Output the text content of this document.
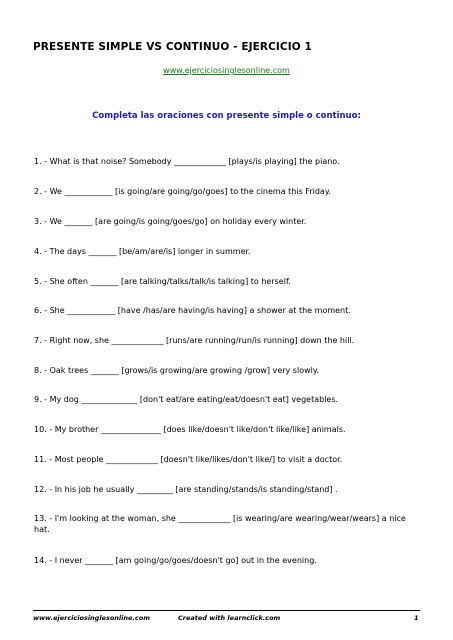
PRESENTE SIMPLE VS CONTINUO - EJERCICIO 1
www.ejerciciosinglesonline.com
Completa las oraciones con presente simple o continuo:
1. - What is that noise? Somebody _____________ [plays/is playing] the piano.
2. - We ____________ [is going/are going/go/goes] to the cinema this Friday.
3. - We _______ [are going/is going/goes/go] on holiday every winter.
4. - The days _______ [be/am/are/is] longer in summer.
5. - She often _______ [are talking/talks/talk/is talking] to herself.
6. - She ____________ [have /has/are having/is having] a shower at the moment.
7. - Right now, she _____________ [runs/are running/run/is running] down the hill.
8. - Oak trees _______ [grows/is growing/are growing /grow] very slowly.
9. - My dog ______________ [don't eat/are eating/eat/doesn't eat] vegetables.
10. - My brother _______________ [does like/doesn't like/don't like/like] animals.
11. - Most people _____________ [doesn't like/likes/don't like/] to visit a doctor.
12. - In his job he usually _________ [are standing/stands/is standing/stand] .
13. - I'm looking at the woman, she _____________ [is wearing/are wearing/wear/wears] a nice hat.
14. - I never _______ [am going/go/goes/doesn't go] out in the evening.
www.ejerciciosinglesonline.com	Created with learnclick.com	1
